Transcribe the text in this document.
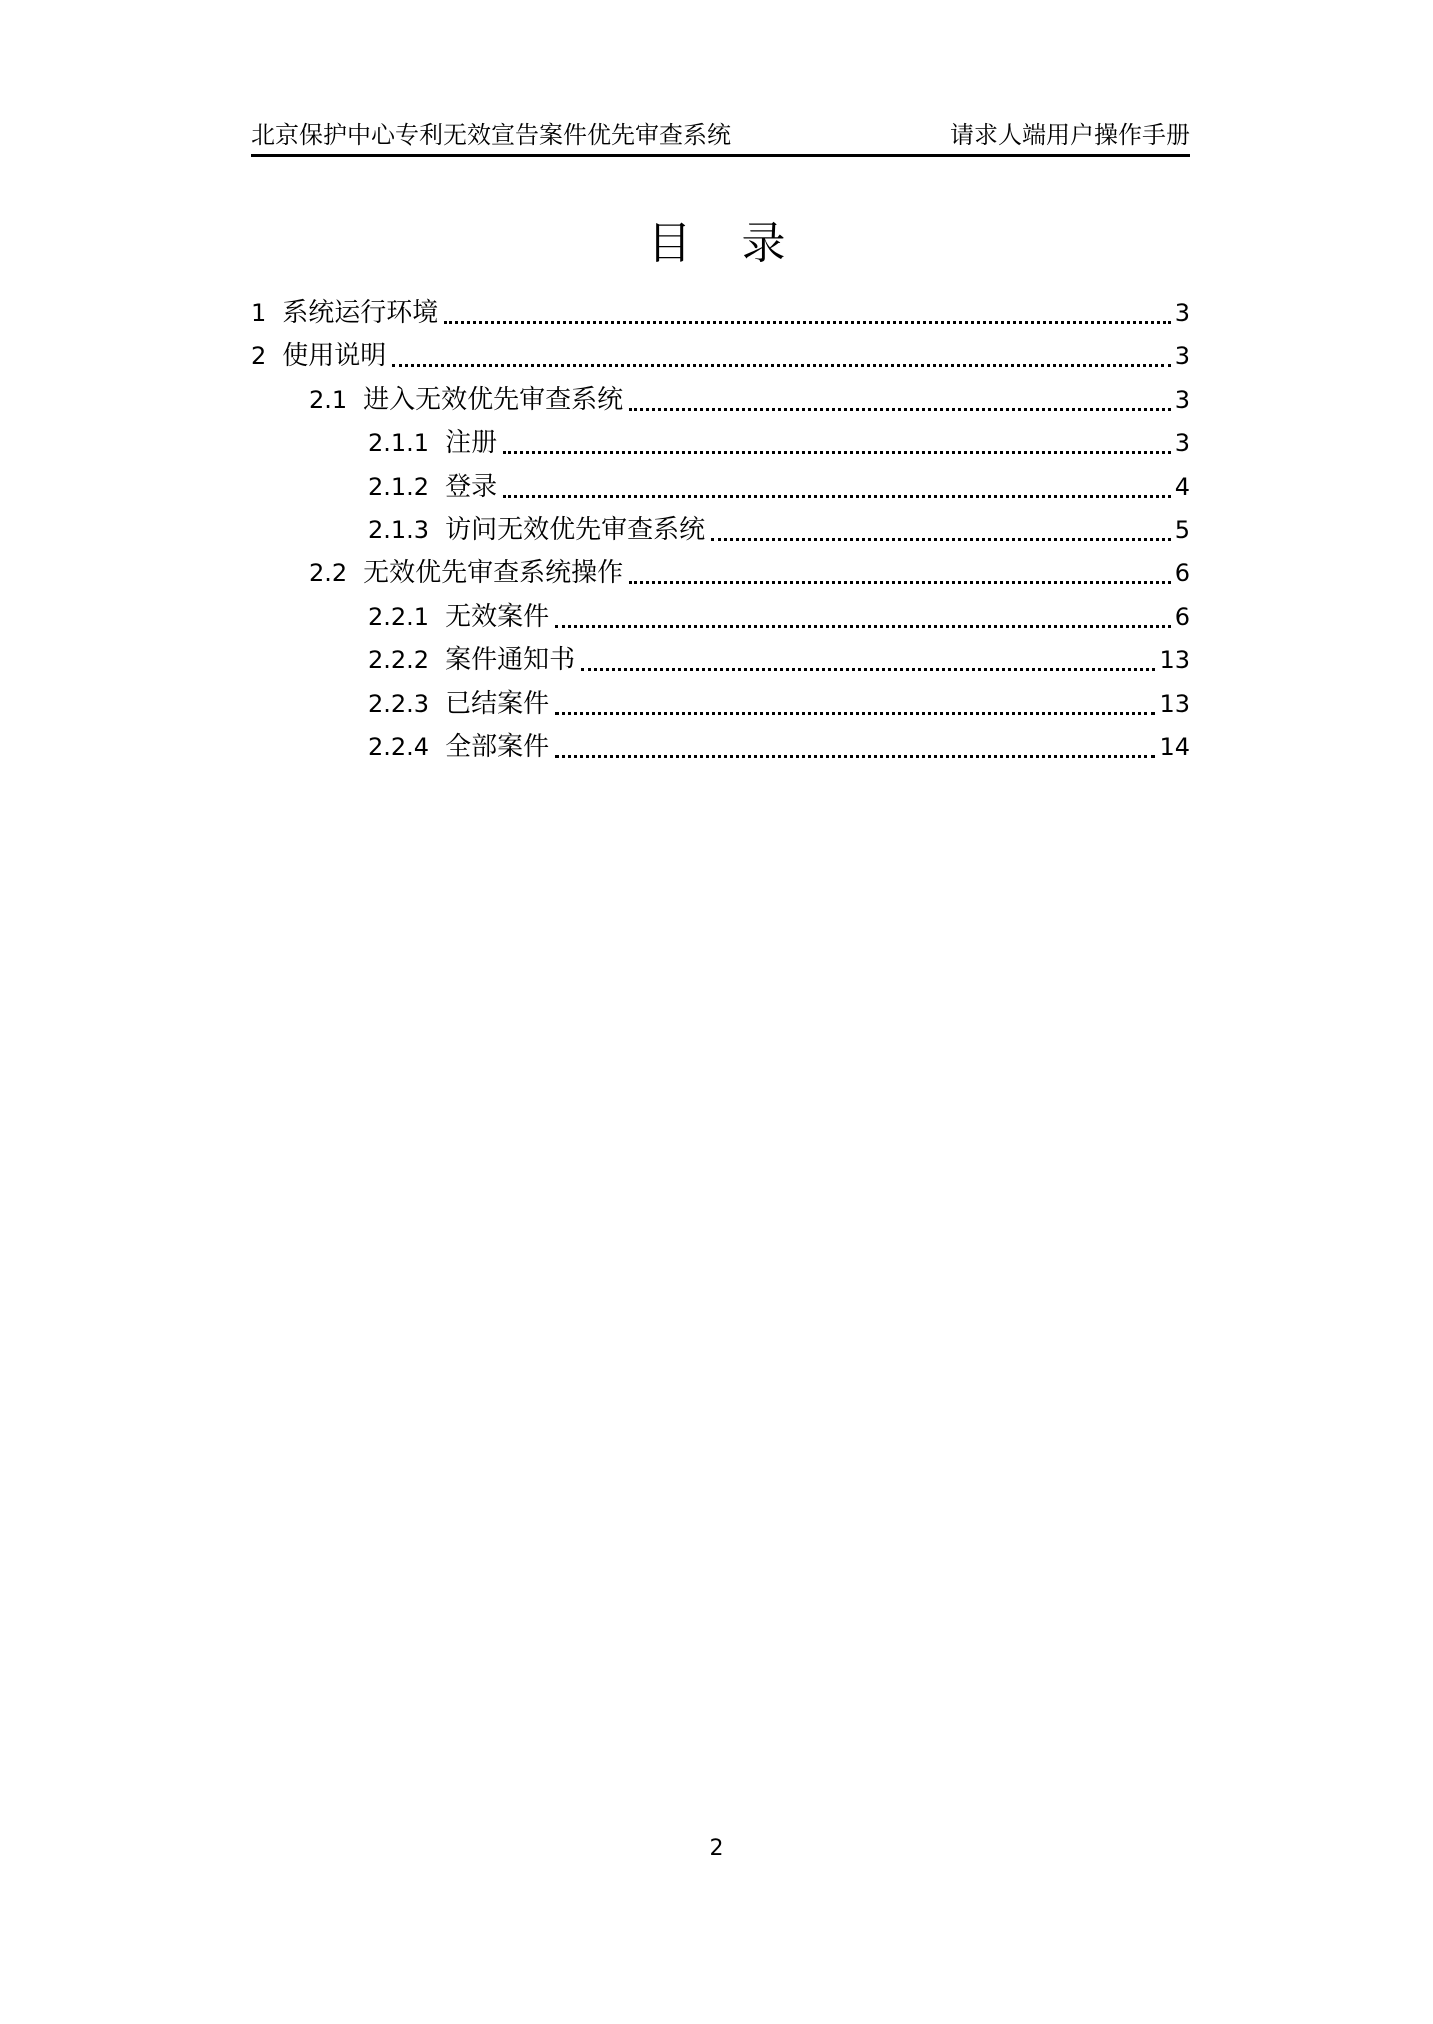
北京保护中心专利无效宣告案件优先审查系统	请求人端用户操作手册
目 录
1 系统运行环境	3
2 使用说明	3
2.1 进入无效优先审查系统	3
2.1.1 注册	3
2.1.2 登录	4
2.1.3 访问无效优先审查系统	5
2.2 无效优先审查系统操作	6
2.2.1 无效案件	6
2.2.2 案件通知书	13
2.2.3 已结案件	13
2.2.4 全部案件	14
2
